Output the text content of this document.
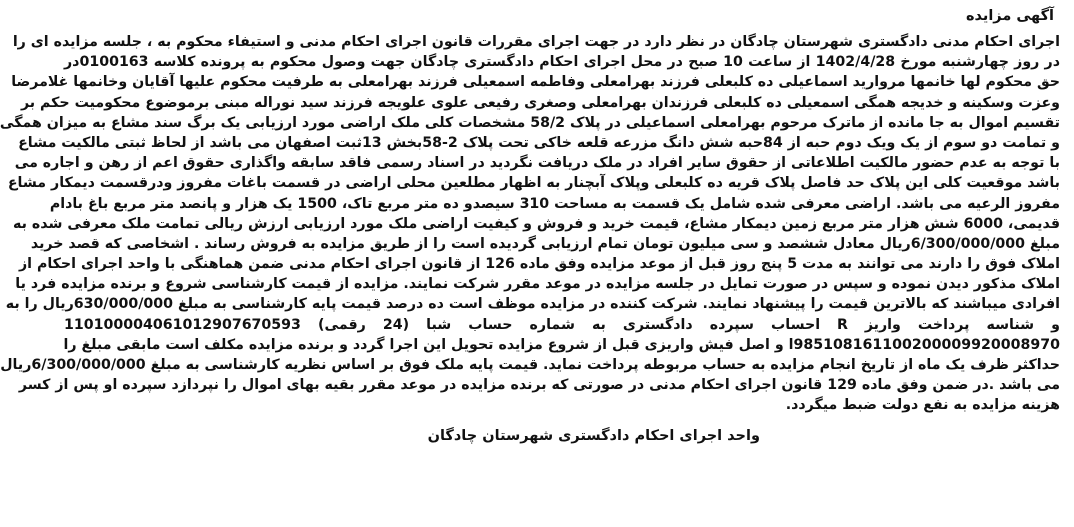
آگهی مزایده
اجرای احکام مدنی دادگستری شهرستان چادگان در نظر دارد در جهت اجرای مقررات قانون اجرای احکام مدنی و استیفاء محکوم به ، جلسه مزایده ای را
در روز چهارشنبه مورخ 1402/4/28 از ساعت 10 صبح در محل اجرای احکام دادگستری چادگان جهت وصول محکوم به پرونده کلاسه 0100163در
حق محکوم لها خانمها مروارید اسماعیلی ده کلبعلی فرزند بهرامعلی وفاطمه اسمعیلی فرزند بهرامعلی به طرفیت محکوم علیها آقایان وخانمها غلامرضا
وعزت وسکینه و خدیجه همگی اسمعیلی ده کلبعلی فرزندان بهرامعلی وصغری رفیعی علوی علویجه فرزند سید نوراله مبنی برموضوع محکومیت حکم بر
تقسیم اموال به جا مانده از ماترک مرحوم بهرامعلی اسماعیلی در پلاک 58/2 مشخصات کلی ملک اراضی مورد ارزیابی یک برگ سند مشاع به میزان همگی
و تمامت دو سوم از یک ویک دوم حبه از 84حبه شش دانگ مزرعه قلعه خاکی تحت پلاک 2-58بخش 13ثبت اصفهان می باشد از لحاظ ثبتی مالکیت مشاع
با توجه به عدم حضور مالکیت اطلاعاتی از حقوق سایر افراد در ملک دریافت نگردید در اسناد رسمی فاقد سابقه واگذاری حقوق اعم از رهن و اجاره می
باشد موقعیت کلی این پلاک حد فاصل پلاک قریه ده کلبعلی وپلاک آبچنار به اظهار مطلعین محلی اراضی در قسمت باغات مفروز ودرقسمت دیمکار مشاع
مفروز الرعیه می باشد. اراضی معرفی شده شامل یک قسمت به مساحت 310 سیصدو ده متر مربع تاک، 1500 یک هزار و پانصد متر مربع باغ بادام
قدیمی، 6000 شش هزار متر مربع زمین دیمکار مشاع، قیمت خرید و فروش و کیفیت اراضی ملک مورد ارزیابی ارزش ریالی تمامت ملک معرفی شده به
مبلغ 6/300/000/000ریال معادل ششصد و سی میلیون تومان تمام ارزیابی گردیده است را از طریق مزایده به فروش رساند . اشخاصی که قصد خرید
املاک فوق را دارند می توانند به مدت 5 پنج روز قبل از موعد مزایده وفق ماده 126 از قانون اجرای احکام مدنی ضمن هماهنگی با واحد اجرای احکام از
املاک مذکور دیدن نموده و سپس در صورت تمایل در جلسه مزایده در موعد مقرر شرکت نمایند. مزایده از قیمت کارشناسی شروع و برنده مزایده فرد یا
افرادی میباشند که بالاترین قیمت را پیشنهاد نمایند. شرکت کننده در مزایده موظف است ده درصد قیمت پایه کارشناسی به مبلغ 630/000/000ریال را به
و شناسه پرداخت واریز R احساب سپرده دادگستری به شماره حساب شبا (24 رقمی) 110100004061012907670593
985108161100200009920008970ا و اصل فیش واریزی قبل از شروع مزایده تحویل این اجرا گردد و برنده مزایده مکلف است مابقی مبلغ را
حداکثر ظرف یک ماه از تاریخ انجام مزایده به حساب مربوطه پرداخت نماید. قیمت پایه ملک فوق بر اساس نظریه کارشناسی به مبلغ 6/300/000/000ریال
می باشد .در ضمن وفق ماده 129 قانون اجرای احکام مدنی در صورتی که برنده مزایده در موعد مقرر بقیه بهای اموال را نپردازد سپرده او پس از کسر
هزینه مزایده به نفع دولت ضبط میگردد.
واحد اجرای احکام دادگستری شهرستان چادگان
